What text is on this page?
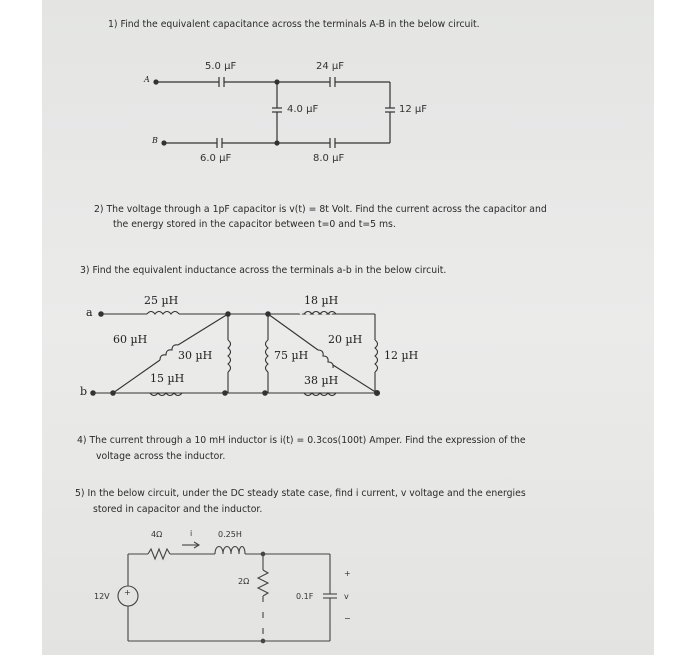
1) Find the equivalent capacitance across the terminals A-B in the below circuit.
A
B
5.0 µF	24 µF
4.0 µF	12 µF
6.0 µF	8.0 µF
2) The voltage through a 1pF capacitor is v(t) = 8t Volt. Find the current across the capacitor and
the energy stored in the capacitor between t=0 and t=5 ms.
3) Find the equivalent inductance across the terminals a-b in the below circuit.
a
b
25 µH	18 µH
60 µH
30 µH
20 µH
75 µH	12 µH
15 µH	38 µH
4) The current through a 10 mH inductor is i(t) = 0.3cos(100t) Amper. Find the expression of the
voltage across the inductor.
5) In the below circuit, under the DC steady state case, find i current, v voltage and the energies
stored in capacitor and the inductor.
4Ω	i	0.25H
2Ω
12V +	0.1F
+
v
−
